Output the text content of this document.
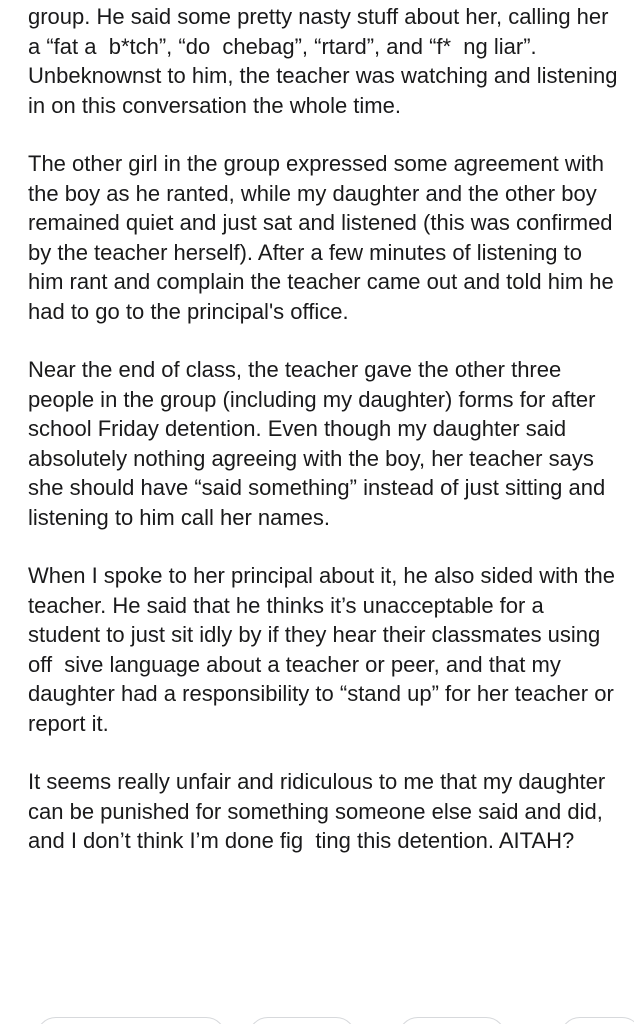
group. He said some pretty nasty stuff about her, calling her a “fat a  b*tch”, “do  chebag”, “rtard”, and “f*  ng liar”. Unbeknownst to him, the teacher was watching and listening in on this conversation the whole time.

The other girl in the group expressed some agreement with the boy as he ranted, while my daughter and the other boy remained quiet and just sat and listened (this was confirmed by the teacher herself). After a few minutes of listening to him rant and complain the teacher came out and told him he had to go to the principal's office.

Near the end of class, the teacher gave the other three people in the group (including my daughter) forms for after school Friday detention. Even though my daughter said absolutely nothing agreeing with the boy, her teacher says she should have “said something” instead of just sitting and listening to him call her names.

When I spoke to her principal about it, he also sided with the teacher. He said that he thinks it’s unacceptable for a student to just sit idly by if they hear their classmates using off  sive language about a teacher or peer, and that my daughter had a responsibility to “stand up” for her teacher or report it.

It seems really unfair and ridiculous to me that my daughter can be punished for something someone else said and did, and I don’t think I’m done fig  ting this detention. AITAH?
